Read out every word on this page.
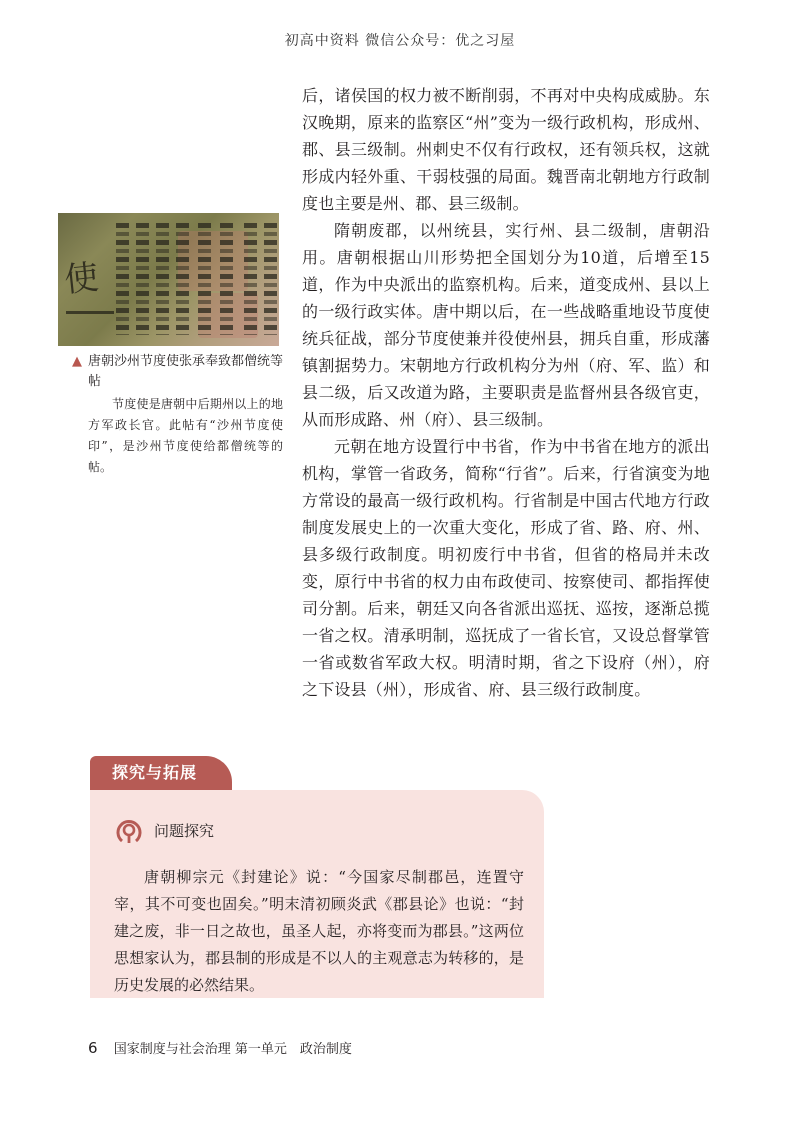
初高中资料 微信公众号：优之习屋
使
▲ 唐朝沙州节度使张承奉致都僧统等帖
节度使是唐朝中后期州以上的地方军政长官。此帖有“沙州节度使印”，是沙州节度使给都僧统等的帖。

后，诸侯国的权力被不断削弱，不再对中央构成威胁。东汉晚期，原来的监察区“州”变为一级行政机构，形成州、郡、县三级制。州刺史不仅有行政权，还有领兵权，这就形成内轻外重、干弱枝强的局面。魏晋南北朝地方行政制度也主要是州、郡、县三级制。

隋朝废郡，以州统县，实行州、县二级制，唐朝沿用。唐朝根据山川形势把全国划分为10道，后增至15道，作为中央派出的监察机构。后来，道变成州、县以上的一级行政实体。唐中期以后，在一些战略重地设节度使统兵征战，部分节度使兼并役使州县，拥兵自重，形成藩镇割据势力。宋朝地方行政机构分为州（府、军、监）和县二级，后又改道为路，主要职责是监督州县各级官吏，从而形成路、州（府）、县三级制。

元朝在地方设置行中书省，作为中书省在地方的派出机构，掌管一省政务，简称“行省”。后来，行省演变为地方常设的最高一级行政机构。行省制是中国古代地方行政制度发展史上的一次重大变化，形成了省、路、府、州、县多级行政制度。明初废行中书省，但省的格局并未改变，原行中书省的权力由布政使司、按察使司、都指挥使司分割。后来，朝廷又向各省派出巡抚、巡按，逐渐总揽一省之权。清承明制，巡抚成了一省长官，又设总督掌管一省或数省军政大权。明清时期，省之下设府（州），府之下设县（州），形成省、府、县三级行政制度。

探究与拓展
问题探究
唐朝柳宗元《封建论》说：“今国家尽制郡邑，连置守宰，其不可变也固矣。”明末清初顾炎武《郡县论》也说：“封建之废，非一日之故也，虽圣人起，亦将变而为郡县。”这两位思想家认为，郡县制的形成是不以人的主观意志为转移的，是历史发展的必然结果。
6 国家制度与社会治理 第一单元　政治制度
